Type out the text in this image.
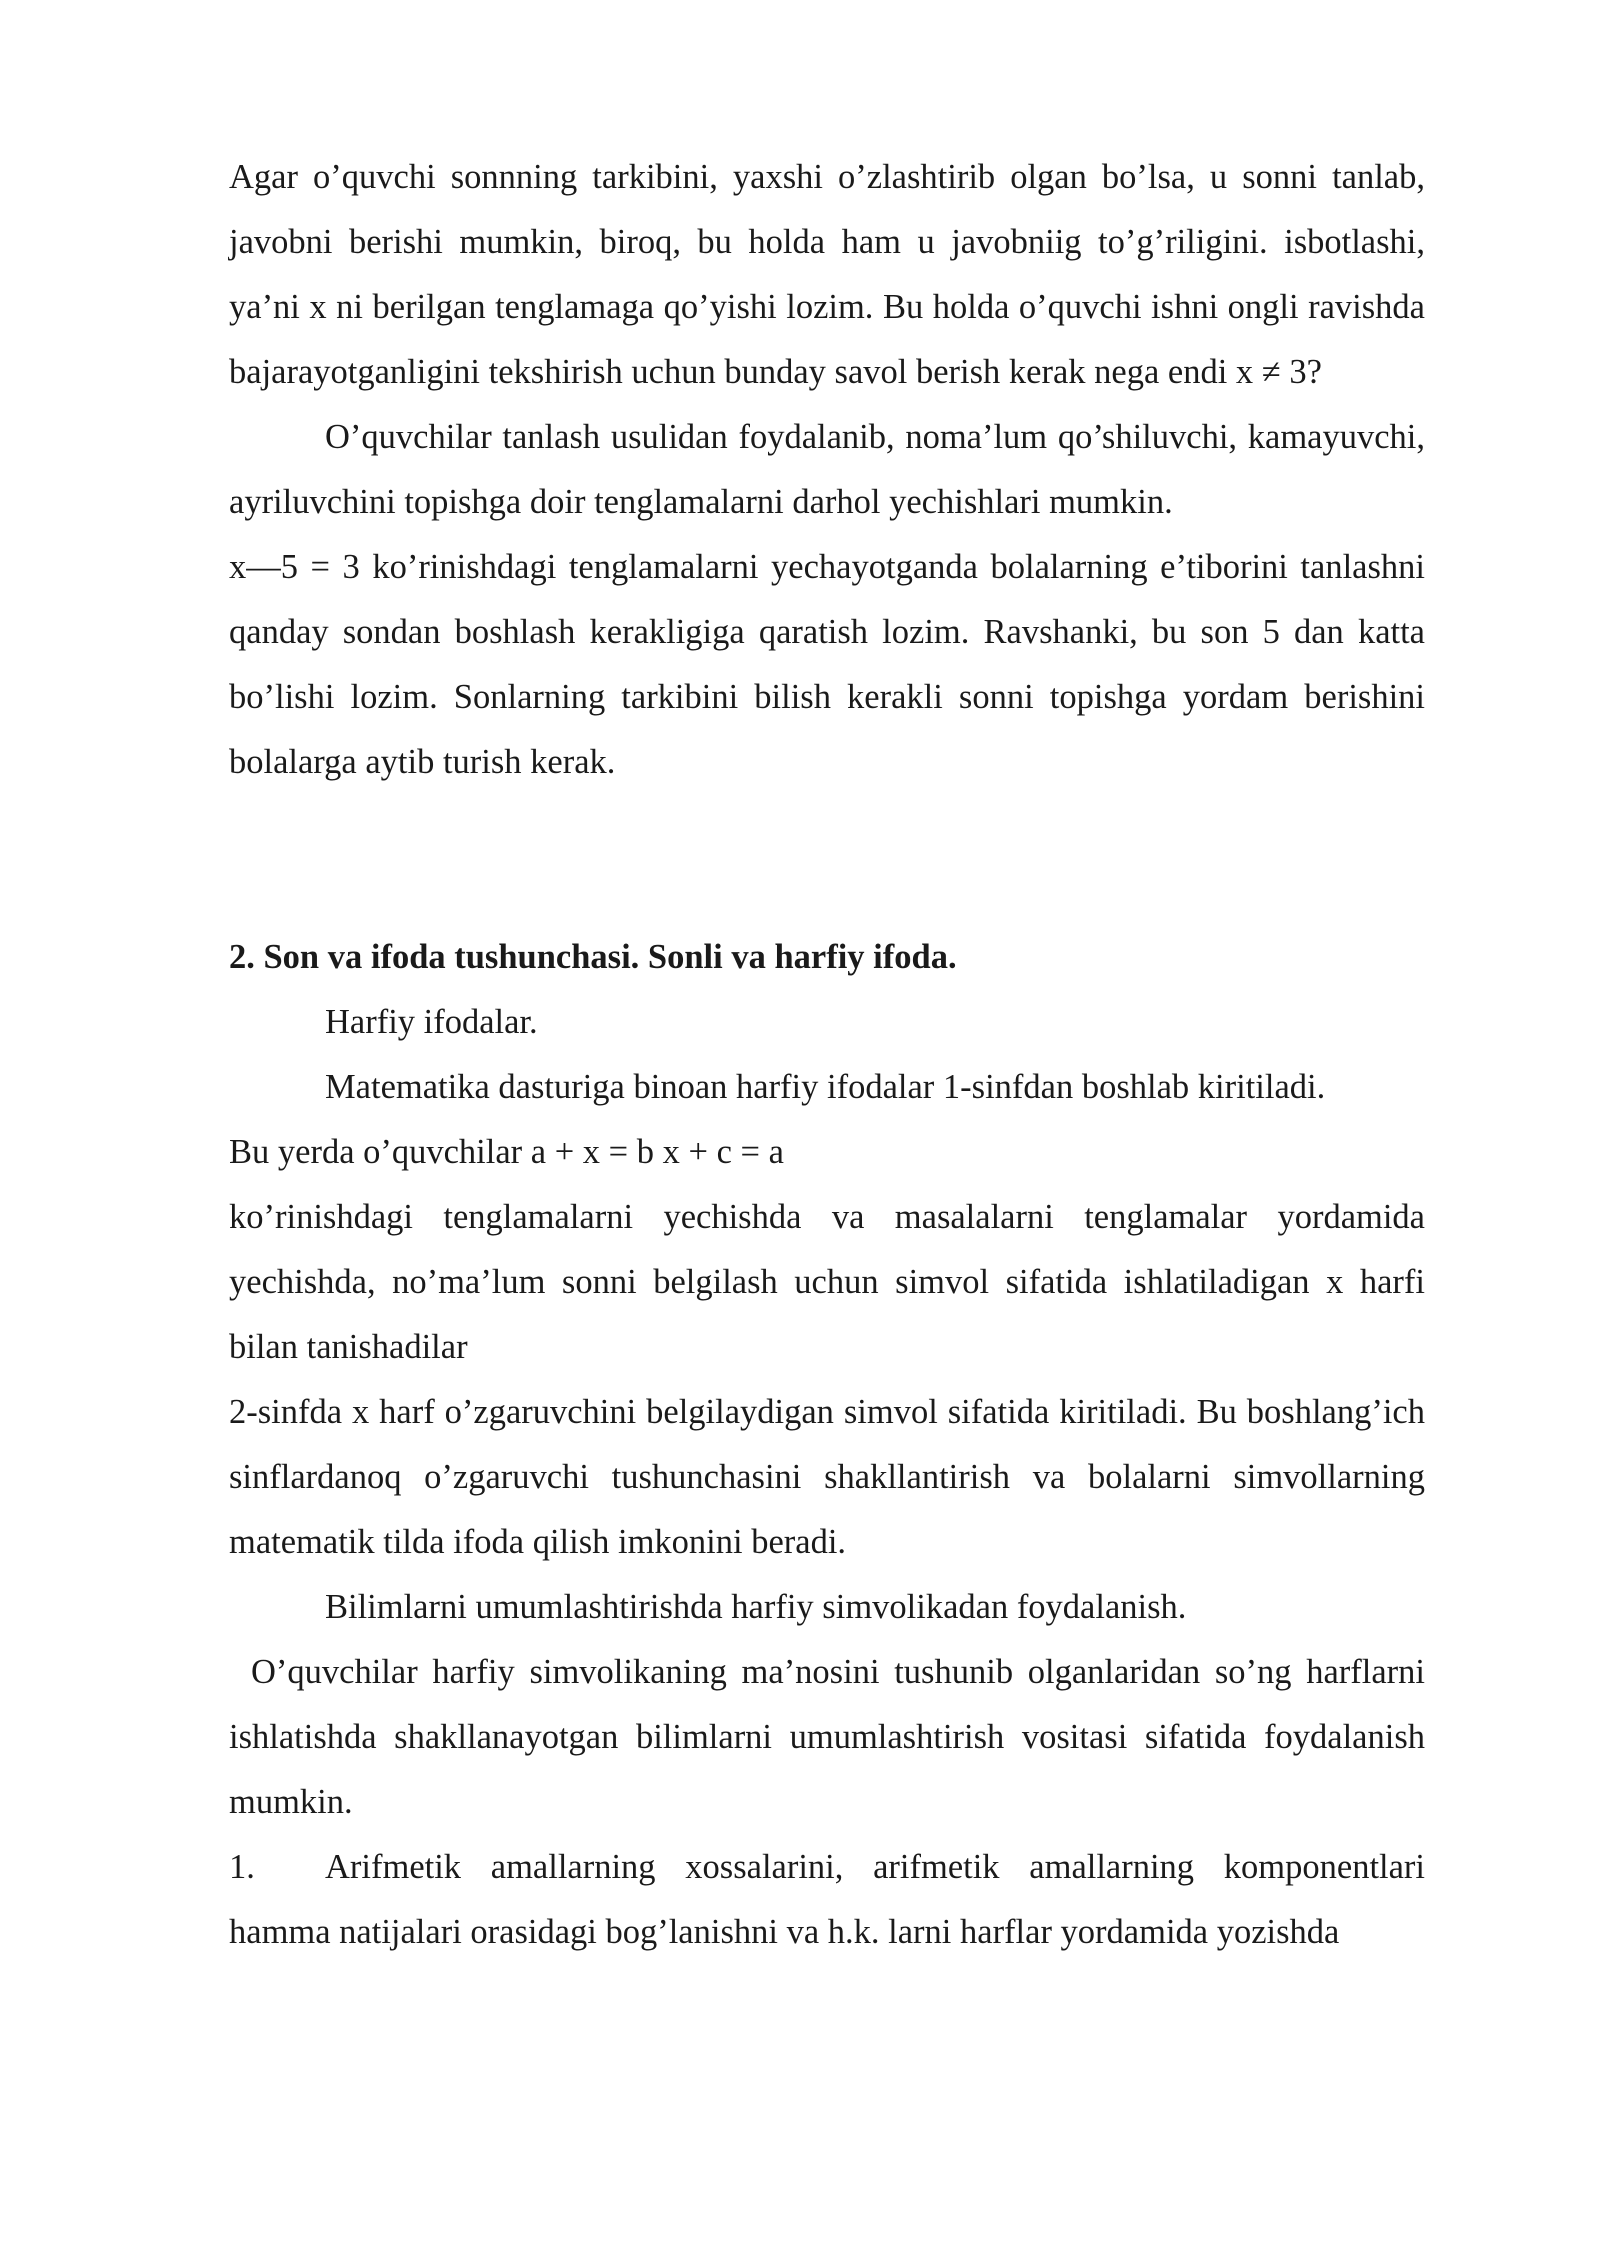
Agar o’quvchi sonnning tarkibini, yaxshi o’zlashtirib olgan bo’lsa, u sonni tanlab, javobni berishi mumkin, biroq, bu holda ham u javobniig to’g’riligini. isbotlashi, ya’ni x ni berilgan tenglamaga qo’yishi lozim. Bu holda o’quvchi ishni ongli ravishda bajarayotganligini tekshirish uchun bunday savol berish kerak nega endi x ≠ 3?

O’quvchilar tanlash usulidan foydalanib, noma’lum qo’shiluvchi, kamayuvchi, ayriluvchini topishga doir tenglamalarni darhol yechishlari mumkin.

x—5 = 3 ko’rinishdagi tenglamalarni yechayotganda bolalarning e’tiborini tanlashni qanday sondan boshlash kerakligiga qaratish lozim. Ravshanki, bu son 5 dan katta bo’lishi lozim. Sonlarning tarkibini bilish kerakli sonni topishga yordam berishini bolalarga aytib turish kerak.

2. Son va ifoda tushunchasi. Sonli va harfiy ifoda.

Harfiy ifodalar.

Matematika dasturiga binoan harfiy ifodalar 1-sinfdan boshlab kiritiladi.

Bu yerda o’quvchilar a + x = b x + c = a

ko’rinishdagi tenglamalarni yechishda va masalalarni tenglamalar yordamida yechishda, no’ma’lum sonni belgilash uchun simvol sifatida ishlatiladigan x harfi bilan tanishadilar

2-sinfda x harf o’zgaruvchini belgilaydigan simvol sifatida kiritiladi. Bu boshlang’ich sinflardanoq o’zgaruvchi tushunchasini shakllantirish va bolalarni simvollarning matematik tilda ifoda qilish imkonini beradi.

Bilimlarni umumlashtirishda harfiy simvolikadan foydalanish.

O’quvchilar harfiy simvolikaning ma’nosini tushunib olganlaridan so’ng harflarni ishlatishda shakllanayotgan bilimlarni umumlashtirish vositasi sifatida foydalanish mumkin.

1. Arifmetik amallarning xossalarini, arifmetik amallarning komponentlari hamma natijalari orasidagi bog’lanishni va h.k. larni harflar yordamida yozishda
